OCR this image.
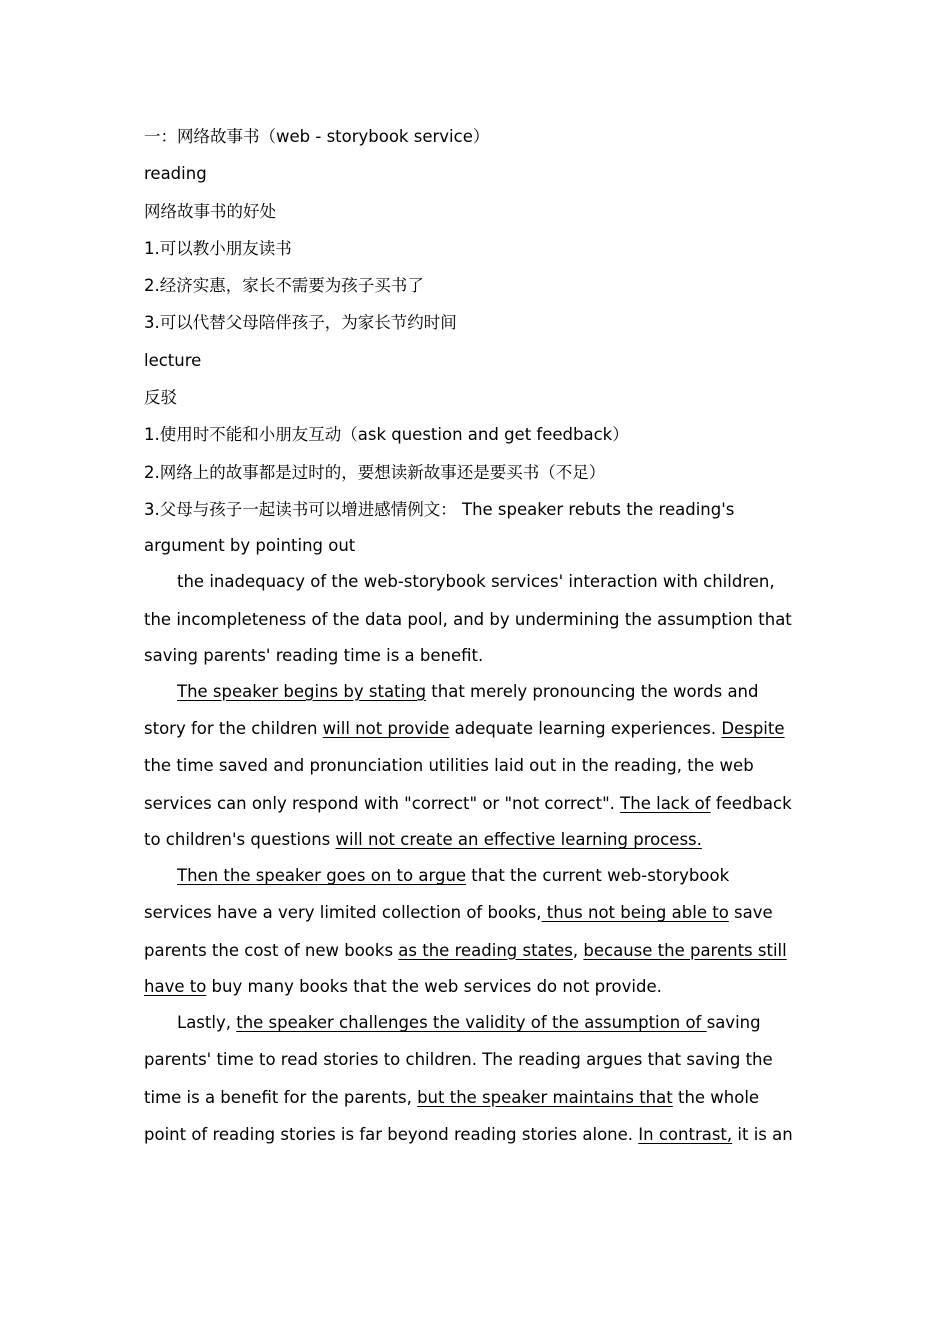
一：网络故事书（web - storybook service）
reading
网络故事书的好处
1.可以教小朋友读书
2.经济实惠，家长不需要为孩子买书了
3.可以代替父母陪伴孩子，为家长节约时间
lecture
反驳
1.使用时不能和小朋友互动（ask question and get feedback）
2.网络上的故事都是过时的，要想读新故事还是要买书（不足）
3.父母与孩子一起读书可以增进感情例文： The speaker rebuts the reading's
argument by pointing out
the inadequacy of the web-storybook services' interaction with children,
the incompleteness of the data pool, and by undermining the assumption that
saving parents' reading time is a benefit.
The speaker begins by stating that merely pronouncing the words and
story for the children will not provide adequate learning experiences. Despite
the time saved and pronunciation utilities laid out in the reading, the web
services can only respond with "correct" or "not correct". The lack of feedback
to children's questions will not create an effective learning process.
Then the speaker goes on to argue that the current web-storybook
services have a very limited collection of books, thus not being able to save
parents the cost of new books as the reading states, because the parents still
have to buy many books that the web services do not provide.
Lastly, the speaker challenges the validity of the assumption of saving
parents' time to read stories to children. The reading argues that saving the
time is a benefit for the parents, but the speaker maintains that the whole
point of reading stories is far beyond reading stories alone. In contrast, it is an
